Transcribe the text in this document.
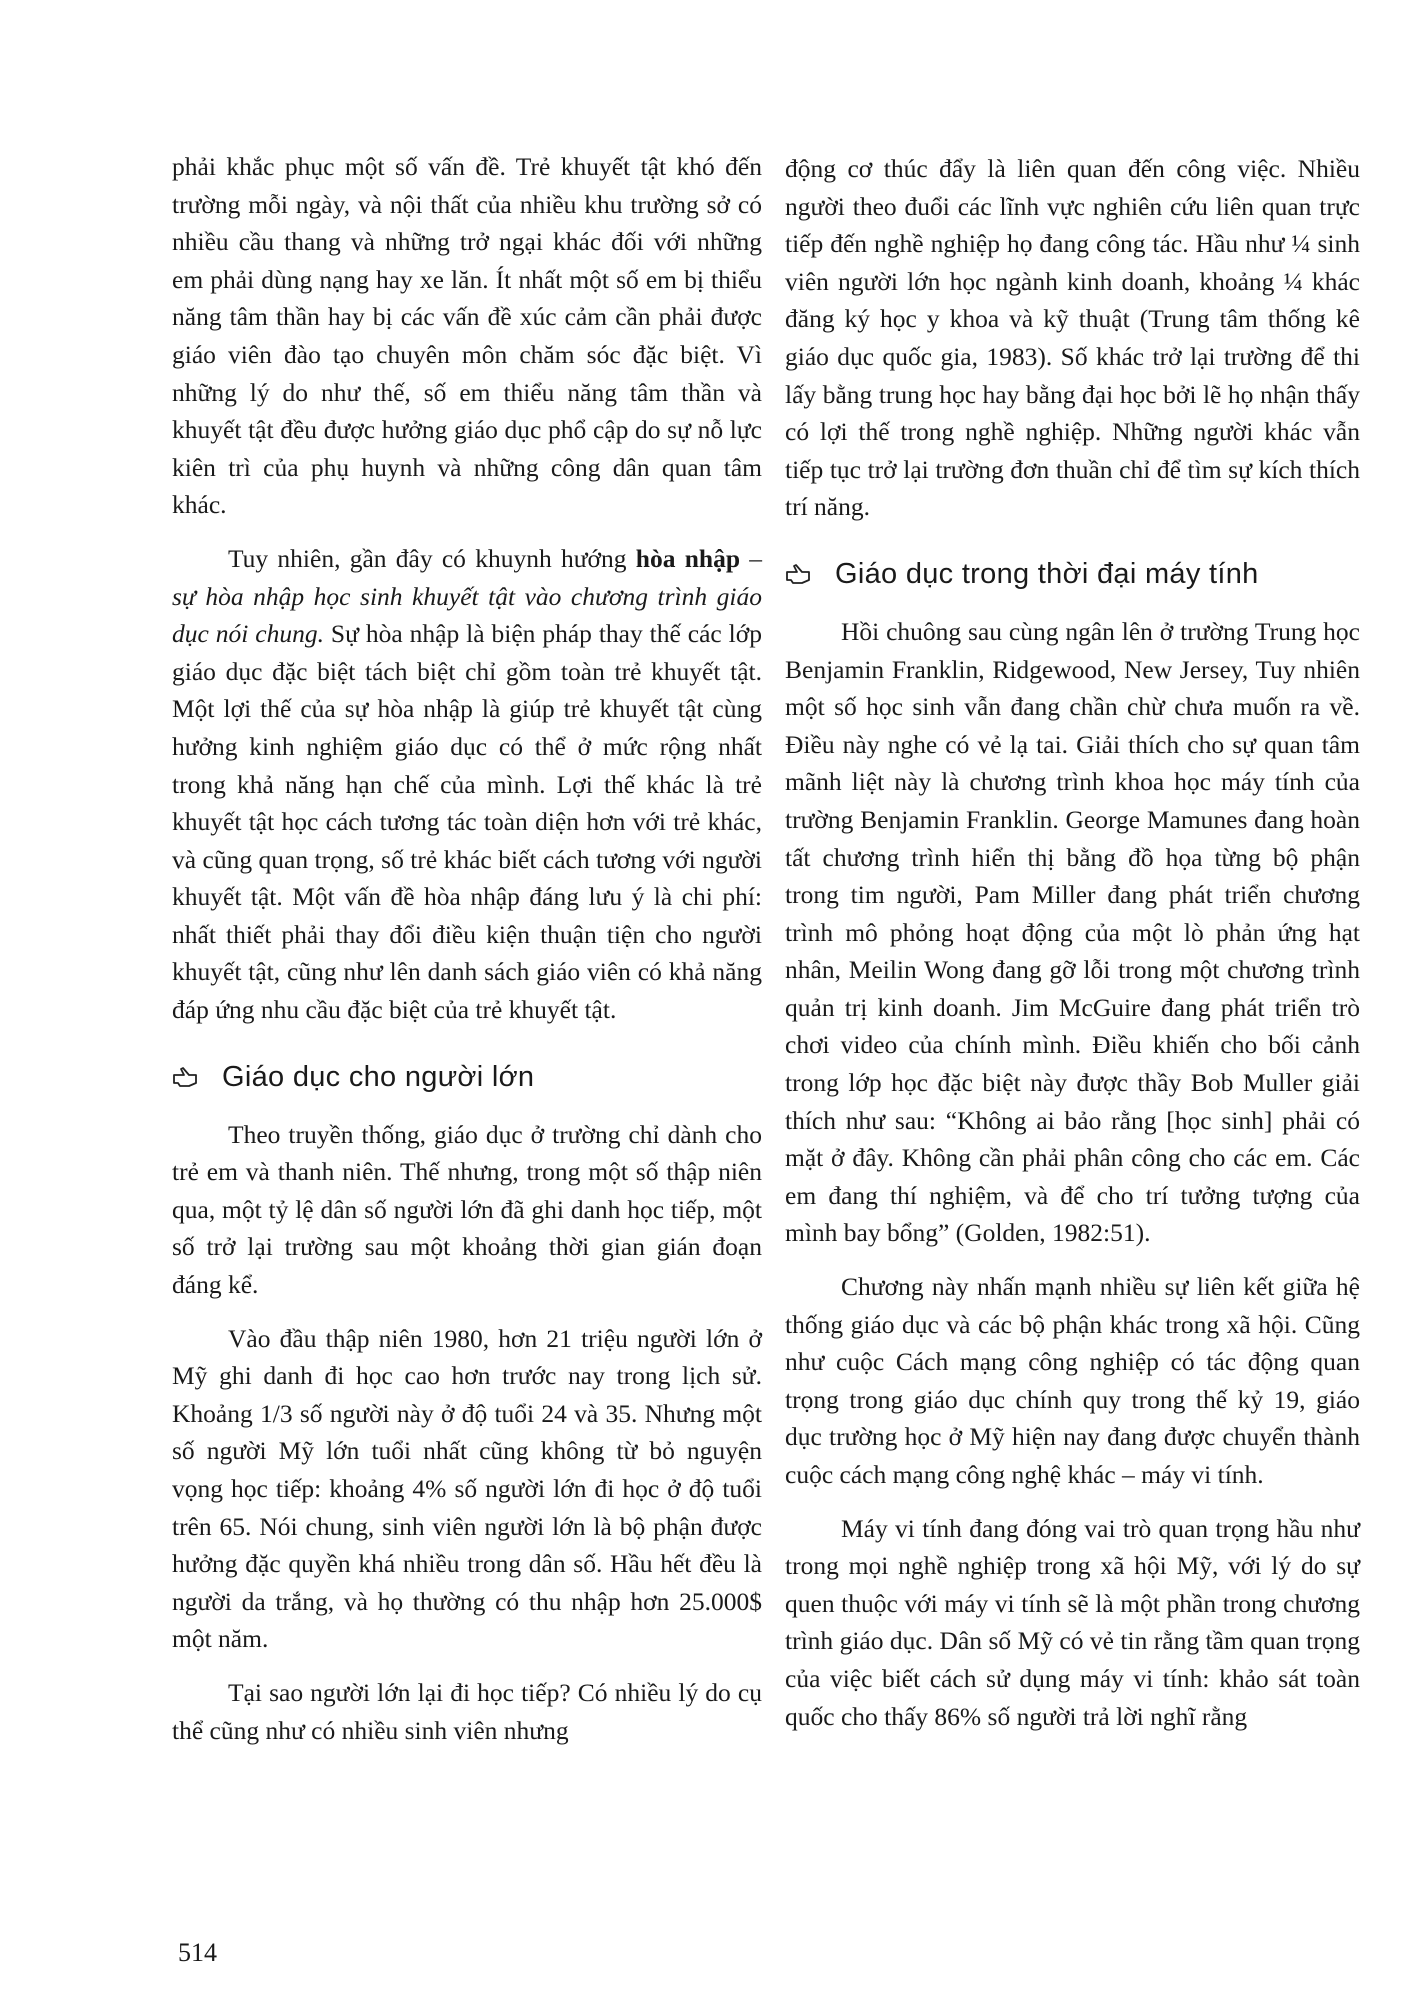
phải khắc phục một số vấn đề. Trẻ khuyết tật khó đến trường mỗi ngày, và nội thất của nhiều khu trường sở có nhiều cầu thang và những trở ngại khác đối với những em phải dùng nạng hay xe lăn. Ít nhất một số em bị thiểu năng tâm thần hay bị các vấn đề xúc cảm cần phải được giáo viên đào tạo chuyên môn chăm sóc đặc biệt. Vì những lý do như thế, số em thiểu năng tâm thần và khuyết tật đều được hưởng giáo dục phổ cập do sự nỗ lực kiên trì của phụ huynh và những công dân quan tâm khác.

Tuy nhiên, gần đây có khuynh hướng hòa nhập – sự hòa nhập học sinh khuyết tật vào chương trình giáo dục nói chung. Sự hòa nhập là biện pháp thay thế các lớp giáo dục đặc biệt tách biệt chỉ gồm toàn trẻ khuyết tật. Một lợi thế của sự hòa nhập là giúp trẻ khuyết tật cùng hưởng kinh nghiệm giáo dục có thể ở mức rộng nhất trong khả năng hạn chế của mình. Lợi thế khác là trẻ khuyết tật học cách tương tác toàn diện hơn với trẻ khác, và cũng quan trọng, số trẻ khác biết cách tương với người khuyết tật. Một vấn đề hòa nhập đáng lưu ý là chi phí: nhất thiết phải thay đổi điều kiện thuận tiện cho người khuyết tật, cũng như lên danh sách giáo viên có khả năng đáp ứng nhu cầu đặc biệt của trẻ khuyết tật.

Giáo dục cho người lớn

Theo truyền thống, giáo dục ở trường chỉ dành cho trẻ em và thanh niên. Thế nhưng, trong một số thập niên qua, một tỷ lệ dân số người lớn đã ghi danh học tiếp, một số trở lại trường sau một khoảng thời gian gián đoạn đáng kể.

Vào đầu thập niên 1980, hơn 21 triệu người lớn ở Mỹ ghi danh đi học cao hơn trước nay trong lịch sử. Khoảng 1/3 số người này ở độ tuổi 24 và 35. Nhưng một số người Mỹ lớn tuổi nhất cũng không từ bỏ nguyện vọng học tiếp: khoảng 4% số người lớn đi học ở độ tuổi trên 65. Nói chung, sinh viên người lớn là bộ phận được hưởng đặc quyền khá nhiều trong dân số. Hầu hết đều là người da trắng, và họ thường có thu nhập hơn 25.000$ một năm.

Tại sao người lớn lại đi học tiếp? Có nhiều lý do cụ thể cũng như có nhiều sinh viên nhưng

động cơ thúc đẩy là liên quan đến công việc. Nhiều người theo đuổi các lĩnh vực nghiên cứu liên quan trực tiếp đến nghề nghiệp họ đang công tác. Hầu như ¼ sinh viên người lớn học ngành kinh doanh, khoảng ¼ khác đăng ký học y khoa và kỹ thuật (Trung tâm thống kê giáo dục quốc gia, 1983). Số khác trở lại trường để thi lấy bằng trung học hay bằng đại học bởi lẽ họ nhận thấy có lợi thế trong nghề nghiệp. Những người khác vẫn tiếp tục trở lại trường đơn thuần chỉ để tìm sự kích thích trí năng.

Giáo dục trong thời đại máy tính

Hồi chuông sau cùng ngân lên ở trường Trung học Benjamin Franklin, Ridgewood, New Jersey, Tuy nhiên một số học sinh vẫn đang chần chừ chưa muốn ra về. Điều này nghe có vẻ lạ tai. Giải thích cho sự quan tâm mãnh liệt này là chương trình khoa học máy tính của trường Benjamin Franklin. George Mamunes đang hoàn tất chương trình hiển thị bằng đồ họa từng bộ phận trong tim người, Pam Miller đang phát triển chương trình mô phỏng hoạt động của một lò phản ứng hạt nhân, Meilin Wong đang gỡ lỗi trong một chương trình quản trị kinh doanh. Jim McGuire đang phát triển trò chơi video của chính mình. Điều khiến cho bối cảnh trong lớp học đặc biệt này được thầy Bob Muller giải thích như sau: “Không ai bảo rằng [học sinh] phải có mặt ở đây. Không cần phải phân công cho các em. Các em đang thí nghiệm, và để cho trí tưởng tượng của mình bay bổng” (Golden, 1982:51).

Chương này nhấn mạnh nhiều sự liên kết giữa hệ thống giáo dục và các bộ phận khác trong xã hội. Cũng như cuộc Cách mạng công nghiệp có tác động quan trọng trong giáo dục chính quy trong thế kỷ 19, giáo dục trường học ở Mỹ hiện nay đang được chuyển thành cuộc cách mạng công nghệ khác – máy vi tính.

Máy vi tính đang đóng vai trò quan trọng hầu như trong mọi nghề nghiệp trong xã hội Mỹ, với lý do sự quen thuộc với máy vi tính sẽ là một phần trong chương trình giáo dục. Dân số Mỹ có vẻ tin rằng tầm quan trọng của việc biết cách sử dụng máy vi tính: khảo sát toàn quốc cho thấy 86% số người trả lời nghĩ rằng

514
